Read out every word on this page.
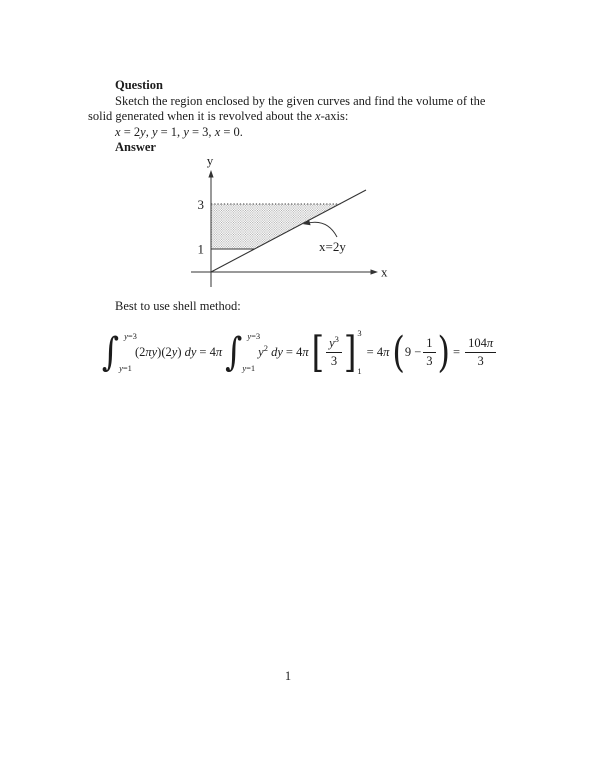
Question
Sketch the region enclosed by the given curves and find the volume of the
solid generated when it is revolved about the x-axis:
x = 2y, y = 1, y = 3, x = 0.
Answer
y
x
3
1	x=2y
Best to use shell method:
∫ y=3
y=1
(2πy)(2y) dy = 4π ∫ y=3
y=1
$y^2$ dy = 4π [ $\frac{y^3}{3}$ ] 3
1
= 4π ( $9 - \frac{1}{3}$ ) = $\frac{104\pi}{3}$
1
